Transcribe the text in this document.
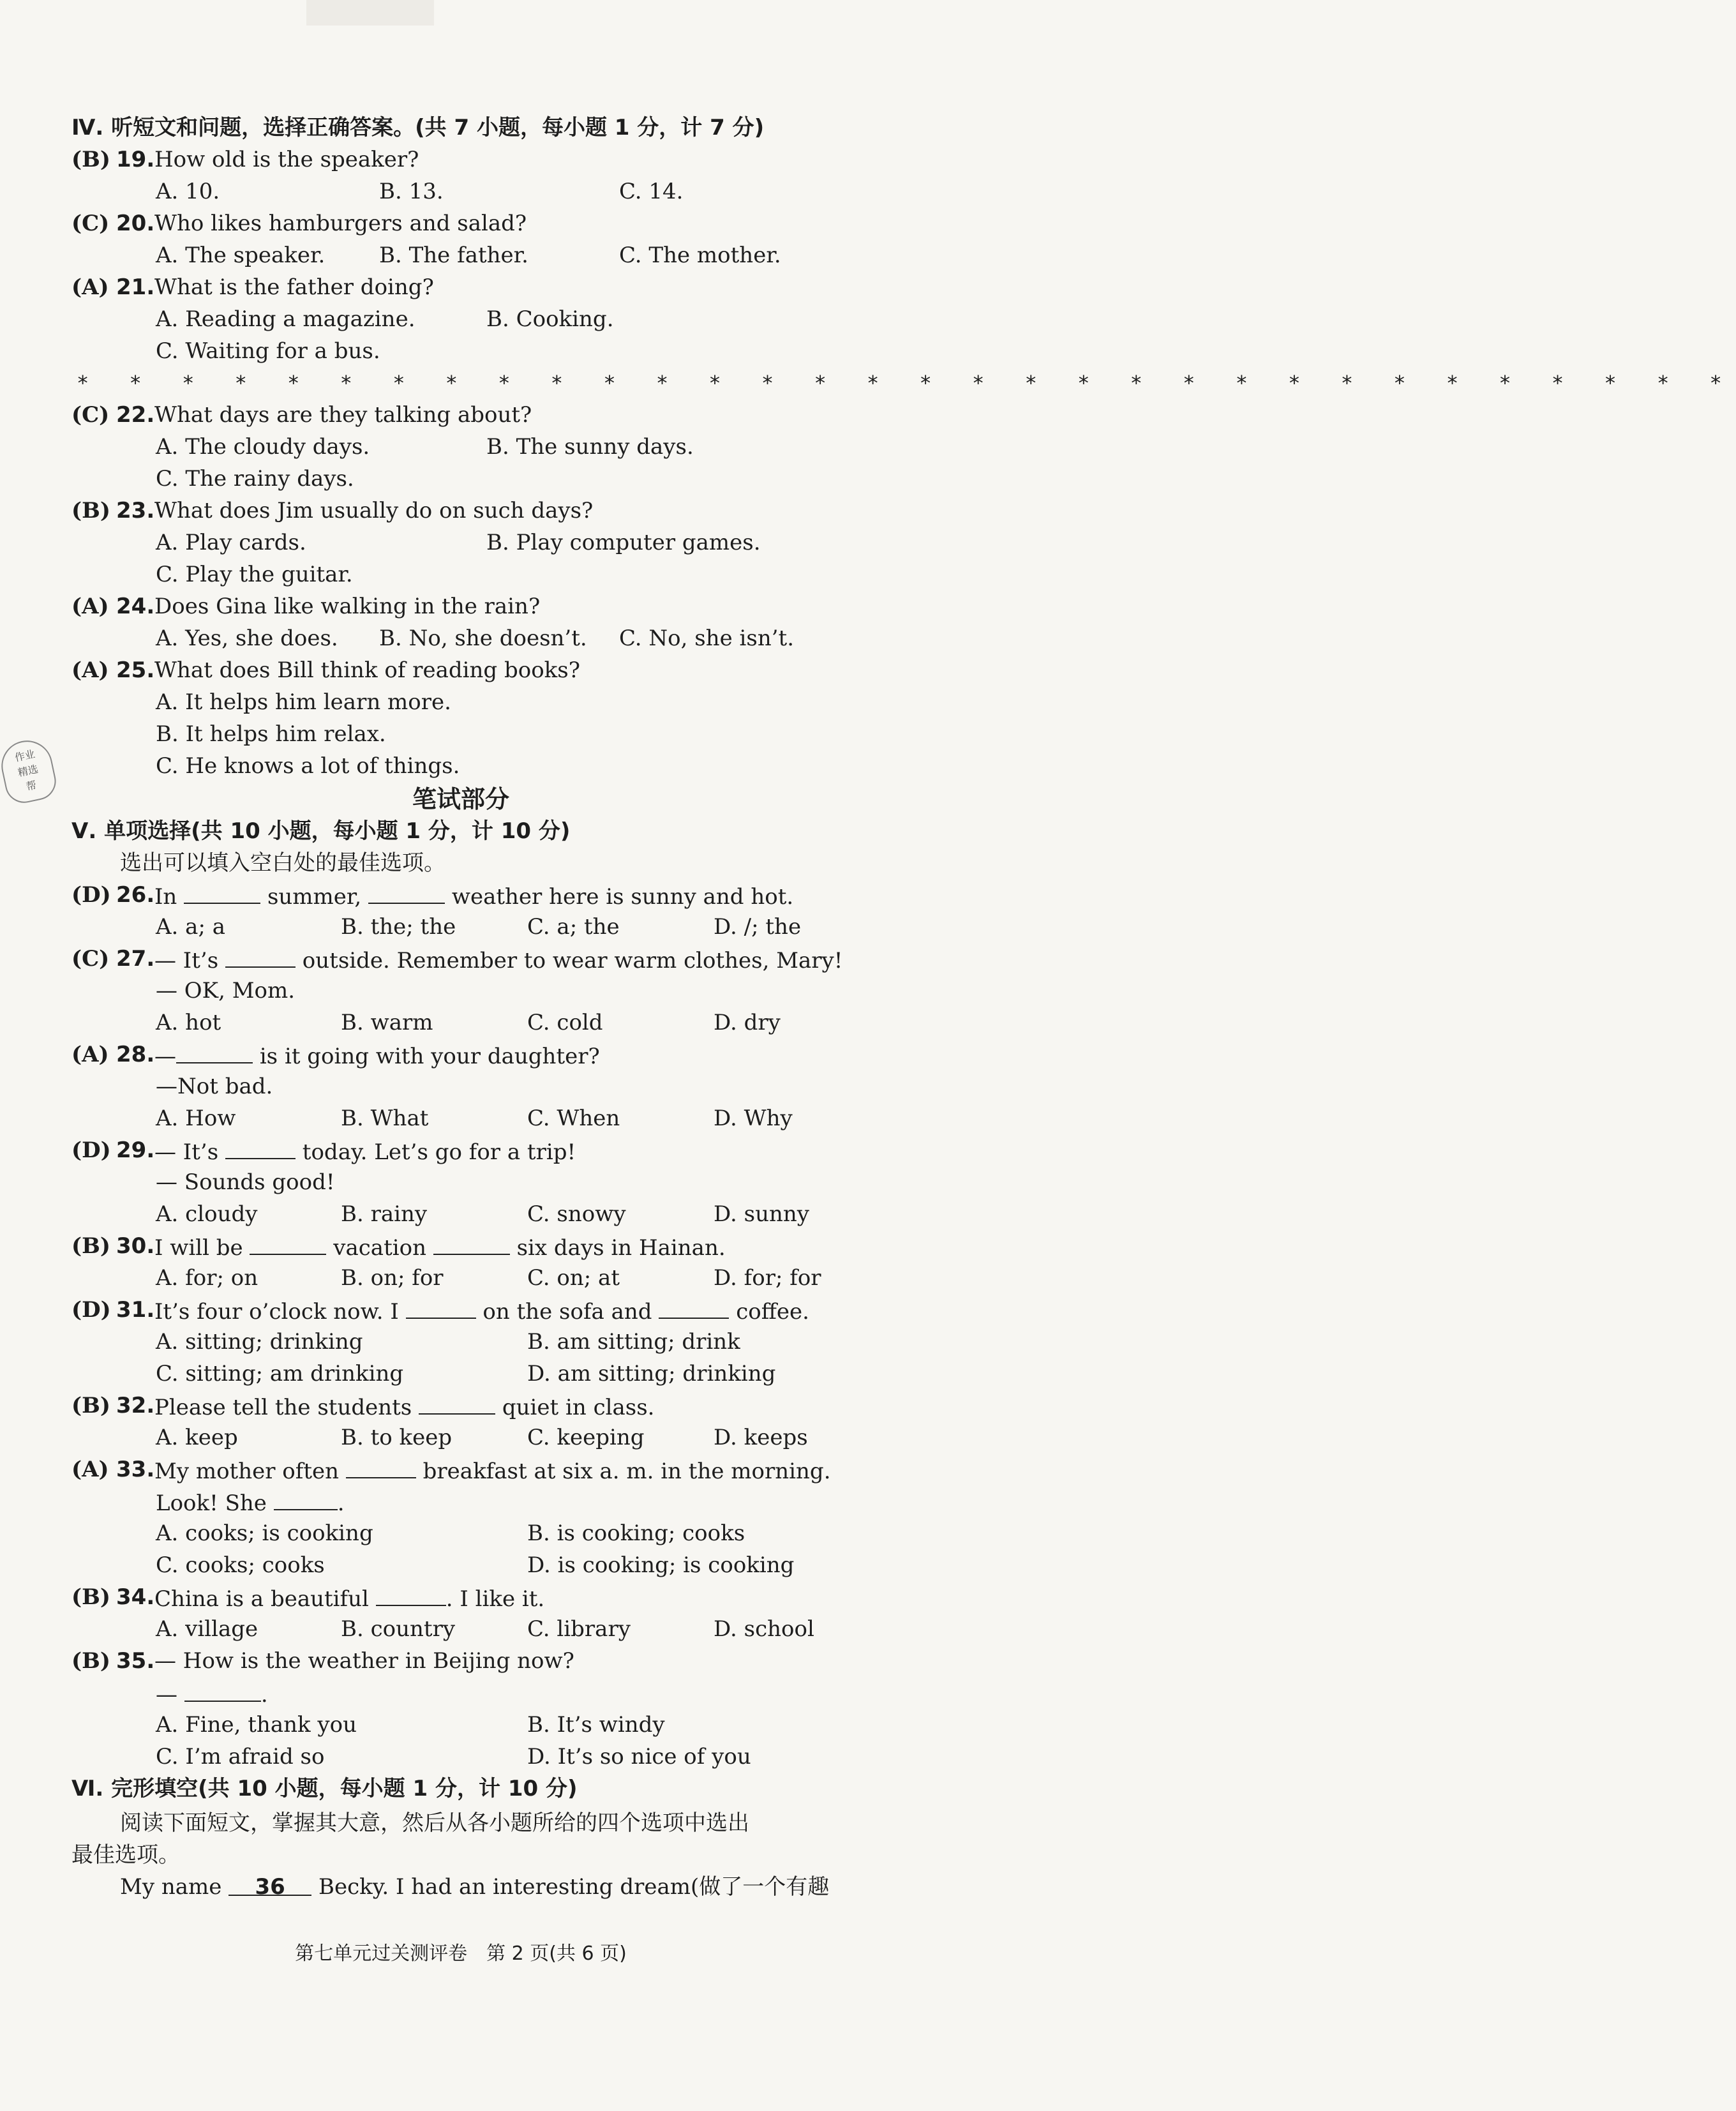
Ⅳ. 听短文和问题，选择正确答案。(共 7 小题，每小题 1 分，计 7 分)
(B) 19. How old is the speaker?
A. 10.	B. 13.	C. 14.
(C) 20. Who likes hamburgers and salad?
A. The speaker. B. The father.	C. The mother.
(A) 21. What is the father doing?
A. Reading a magazine.	B. Cooking.
C. Waiting for a bus.
* * * * * * * * * * * * * * * * * * * * * * * * * * * * * * * *
(C) 22. What days are they talking about?
A. The cloudy days.	B. The sunny days.
C. The rainy days.
(B) 23. What does Jim usually do on such days?
A. Play cards.	B. Play computer games.
C. Play the guitar.
(A) 24. Does Gina like walking in the rain?
A. Yes, she does. B. No, she doesn’t. C. No, she isn’t.
(A) 25. What does Bill think of reading books?
A. It helps him learn more.
B. It helps him relax.
C. He knows a lot of things.
作业
精选
帮	笔试部分
Ⅴ. 单项选择(共 10 小题，每小题 1 分，计 10 分)
选出可以填入空白处的最佳选项。
(D) 26. In	summer,	weather here is sunny and hot.
A. a; a	B. the; the	C. a; the	D. /; the
(C) 27. — It’s	outside. Remember to wear warm clothes, Mary!
— OK, Mom.
A. hot	B. warm	C. cold	D. dry
(A) 28. —	is it going with your daughter?
—Not bad.
A. How	B. What	C. When	D. Why
(D) 29. — It’s	today. Let’s go for a trip!
— Sounds good!
A. cloudy	B. rainy	C. snowy	D. sunny
(B) 30. I will be	vacation	six days in Hainan.
A. for; on	B. on; for	C. on; at	D. for; for
(D) 31. It’s four o’clock now. I	on the sofa and	coffee.
A. sitting; drinking	B. am sitting; drink
C. sitting; am drinking	D. am sitting; drinking
(B) 32. Please tell the students	quiet in class.
A. keep	B. to keep	C. keeping	D. keeps
(A) 33. My mother often	breakfast at six a. m. in the morning.
Look! She	.
A. cooks; is cooking	B. is cooking; cooks
C. cooks; cooks	D. is cooking; is cooking
(B) 34. China is a beautiful	. I like it.
A. village	B. country	C. library	D. school
(B) 35. — How is the weather in Beijing now?
—	.
A. Fine, thank you	B. It’s windy
C. I’m afraid so	D. It’s so nice of you
Ⅵ. 完形填空(共 10 小题，每小题 1 分，计 10 分)
阅读下面短文，掌握其大意，然后从各小题所给的四个选项中选出
最佳选项。
My name 36 Becky. I had an interesting dream(做了一个有趣
第七单元过关测评卷　第 2 页(共 6 页)
